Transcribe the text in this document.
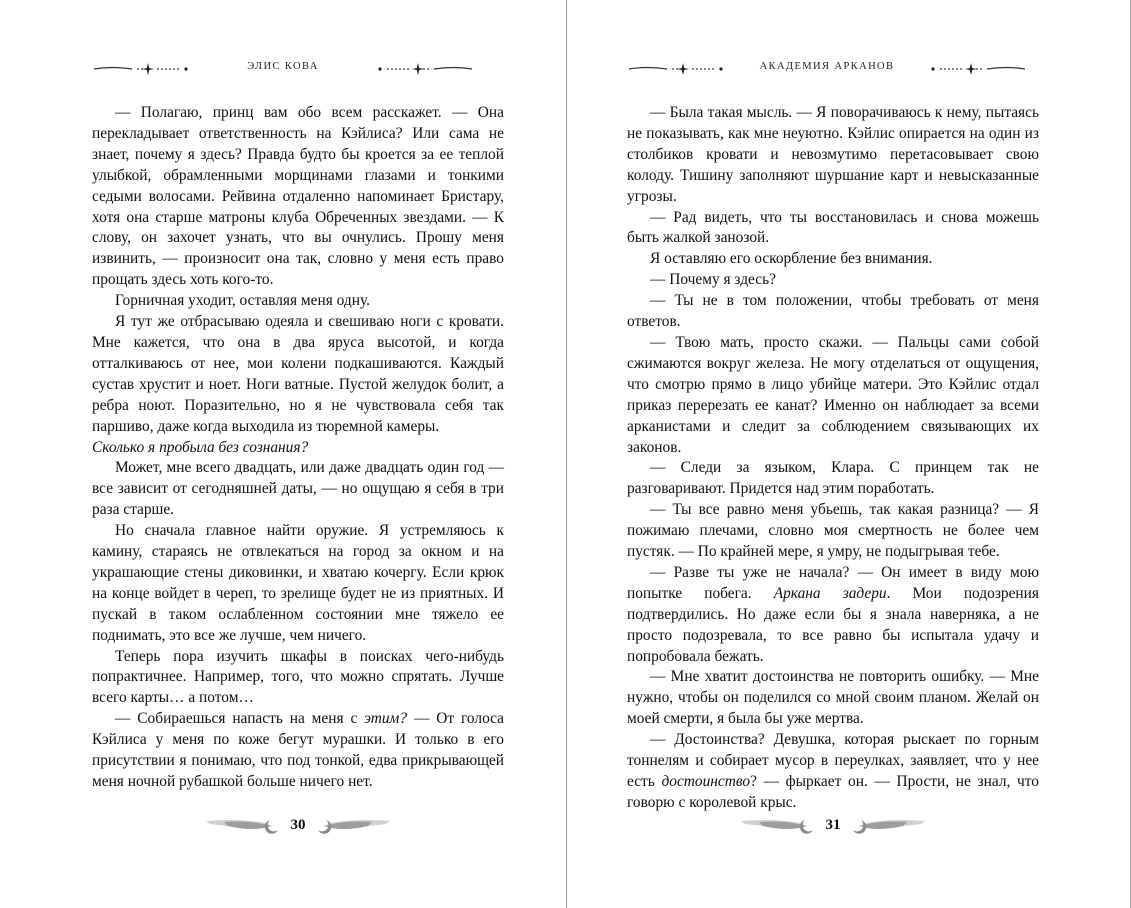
ЭЛИС КОВА

— Полагаю, принц вам обо всем расскажет. — Она перекладывает ответственность на Кэйлиса? Или сама не знает, почему я здесь? Правда будто бы кроется за ее теплой улыбкой, обрамленными морщинами глазами и тонкими седыми волосами. Рейвина отдаленно напоминает Бристару, хотя она старше матроны клуба Обреченных звездами. — К слову, он захочет узнать, что вы очнулись. Прошу меня извинить, — произносит она так, словно у меня есть право прощать здесь хоть кого-то.

Горничная уходит, оставляя меня одну.

Я тут же отбрасываю одеяла и свешиваю ноги с кровати. Мне кажется, что она в два яруса высотой, и когда отталкиваюсь от нее, мои колени подкашиваются. Каждый сустав хрустит и ноет. Ноги ватные. Пустой желудок болит, а ребра ноют. Поразительно, но я не чувствовала себя так паршиво, даже когда выходила из тюремной камеры.

Сколько я пробыла без сознания?

Может, мне всего двадцать, или даже двадцать один год — все зависит от сегодняшней даты, — но ощущаю я себя в три раза старше.

Но сначала главное найти оружие. Я устремляюсь к камину, стараясь не отвлекаться на город за окном и на украшающие стены диковинки, и хватаю кочергу. Если крюк на конце войдет в череп, то зрелище будет не из приятных. И пускай в таком ослабленном состоянии мне тяжело ее поднимать, это все же лучше, чем ничего.

Теперь пора изучить шкафы в поисках чего-нибудь попрактичнее. Например, того, что можно спрятать. Лучше всего карты… а потом…

— Собираешься напасть на меня с этим? — От голоса Кэйлиса у меня по коже бегут мурашки. И только в его присутствии я понимаю, что под тонкой, едва прикрывающей меня ночной рубашкой больше ничего нет.

30
АКАДЕМИЯ АРКАНОВ

— Была такая мысль. — Я поворачиваюсь к нему, пытаясь не показывать, как мне неуютно. Кэйлис опирается на один из столбиков кровати и невозмутимо перетасовывает свою колоду. Тишину заполняют шуршание карт и невысказанные угрозы.

— Рад видеть, что ты восстановилась и снова можешь быть жалкой занозой.

Я оставляю его оскорбление без внимания.

— Почему я здесь?

— Ты не в том положении, чтобы требовать от меня ответов.

— Твою мать, просто скажи. — Пальцы сами собой сжимаются вокруг железа. Не могу отделаться от ощущения, что смотрю прямо в лицо убийце матери. Это Кэйлис отдал приказ перерезать ее канат? Именно он наблюдает за всеми арканистами и следит за соблюдением связывающих их законов.

— Следи за языком, Клара. С принцем так не разговаривают. Придется над этим поработать.

— Ты все равно меня убьешь, так какая разница? — Я пожимаю плечами, словно моя смертность не более чем пустяк. — По крайней мере, я умру, не подыгрывая тебе.

— Разве ты уже не начала? — Он имеет в виду мою попытке побега. Аркана задери. Мои подозрения подтвердились. Но даже если бы я знала наверняка, а не просто подозревала, то все равно бы испытала удачу и попробовала бежать.

— Мне хватит достоинства не повторить ошибку. — Мне нужно, чтобы он поделился со мной своим планом. Желай он моей смерти, я была бы уже мертва.

— Достоинства? Девушка, которая рыскает по горным тоннелям и собирает мусор в переулках, заявляет, что у нее есть достоинство? — фыркает он. — Прости, не знал, что говорю с королевой крыс.

31
